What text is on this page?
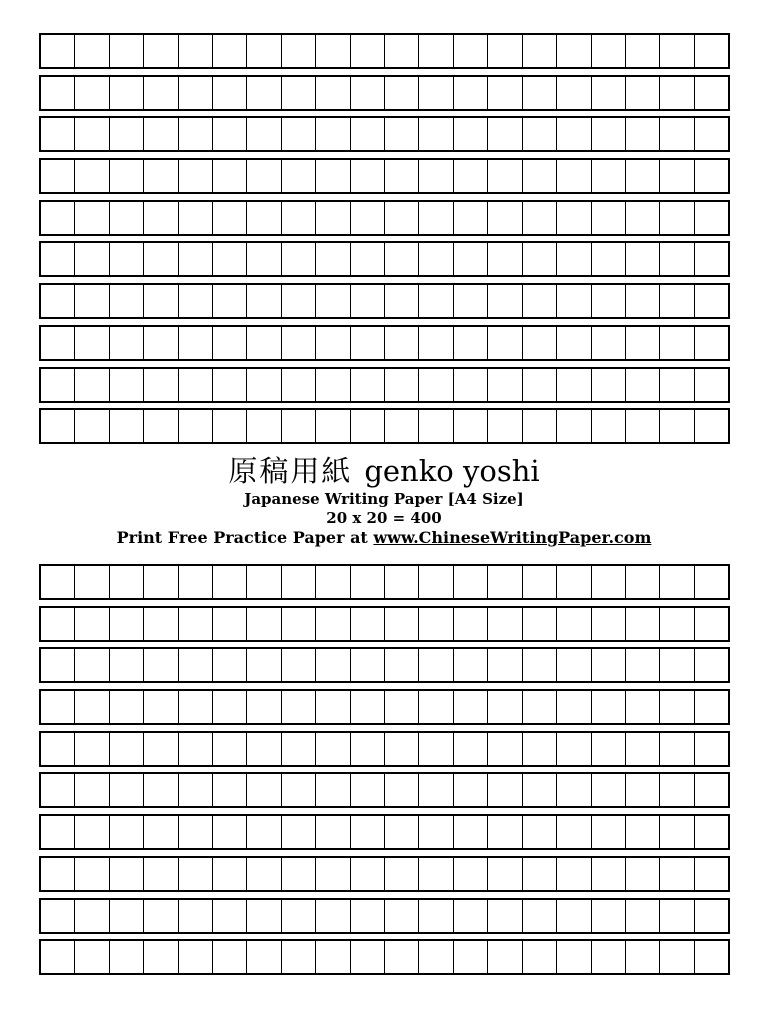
原稿用紙 genko yoshi
Japanese Writing Paper [A4 Size]
20 x 20 = 400
Print Free Practice Paper at www.ChineseWritingPaper.com
